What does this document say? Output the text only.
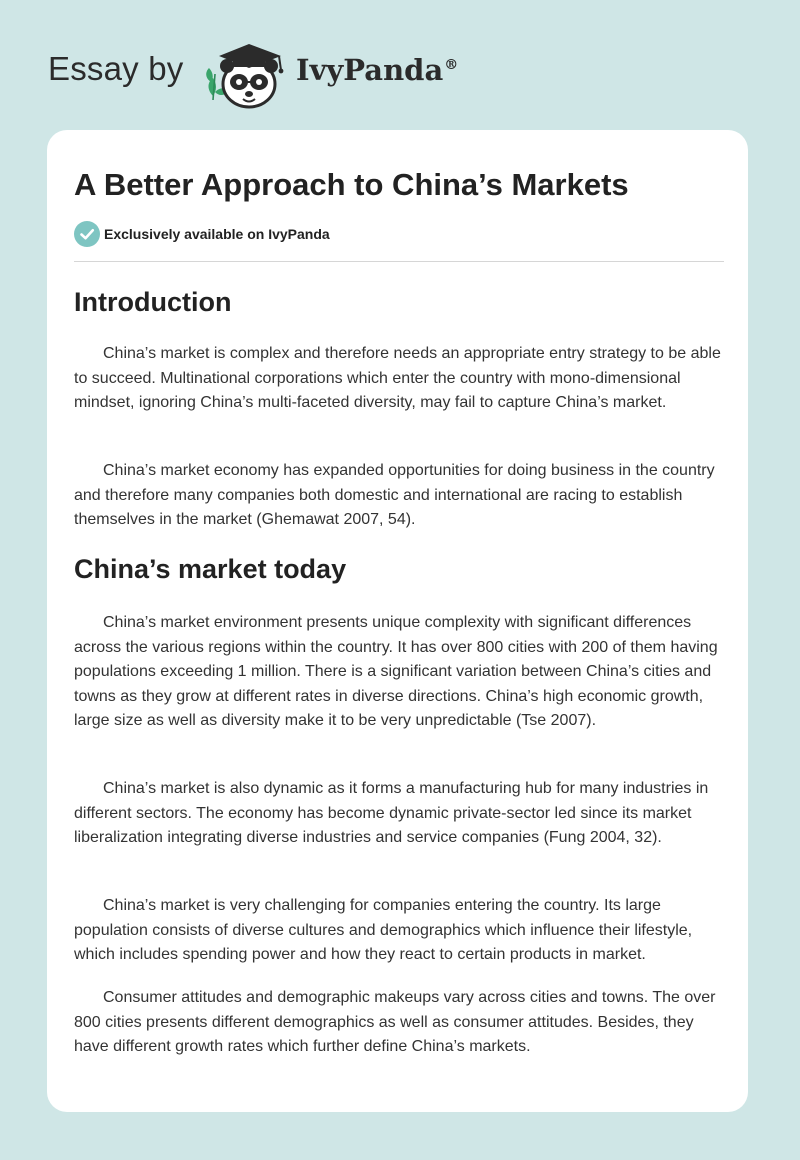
Essay by	IvyPanda®
A Better Approach to China’s Markets
Exclusively available on IvyPanda
Introduction

China’s market is complex and therefore needs an appropriate entry strategy to be able to succeed. Multinational corporations which enter the country with mono-dimensional mindset, ignoring China’s multi-faceted diversity, may fail to capture China’s market.

China’s market economy has expanded opportunities for doing business in the country and therefore many companies both domestic and international are racing to establish themselves in the market (Ghemawat 2007, 54).

China’s market today

China’s market environment presents unique complexity with significant differences across the various regions within the country. It has over 800 cities with 200 of them having populations exceeding 1 million. There is a significant variation between China’s cities and towns as they grow at different rates in diverse directions. China’s high economic growth, large size as well as diversity make it to be very unpredictable (Tse 2007).

China’s market is also dynamic as it forms a manufacturing hub for many industries in different sectors. The economy has become dynamic private-sector led since its market liberalization integrating diverse industries and service companies (Fung 2004, 32).

China’s market is very challenging for companies entering the country. Its large population consists of diverse cultures and demographics which influence their lifestyle, which includes spending power and how they react to certain products in market.

Consumer attitudes and demographic makeups vary across cities and towns. The over 800 cities presents different demographics as well as consumer attitudes. Besides, they have different growth rates which further define China’s markets.
